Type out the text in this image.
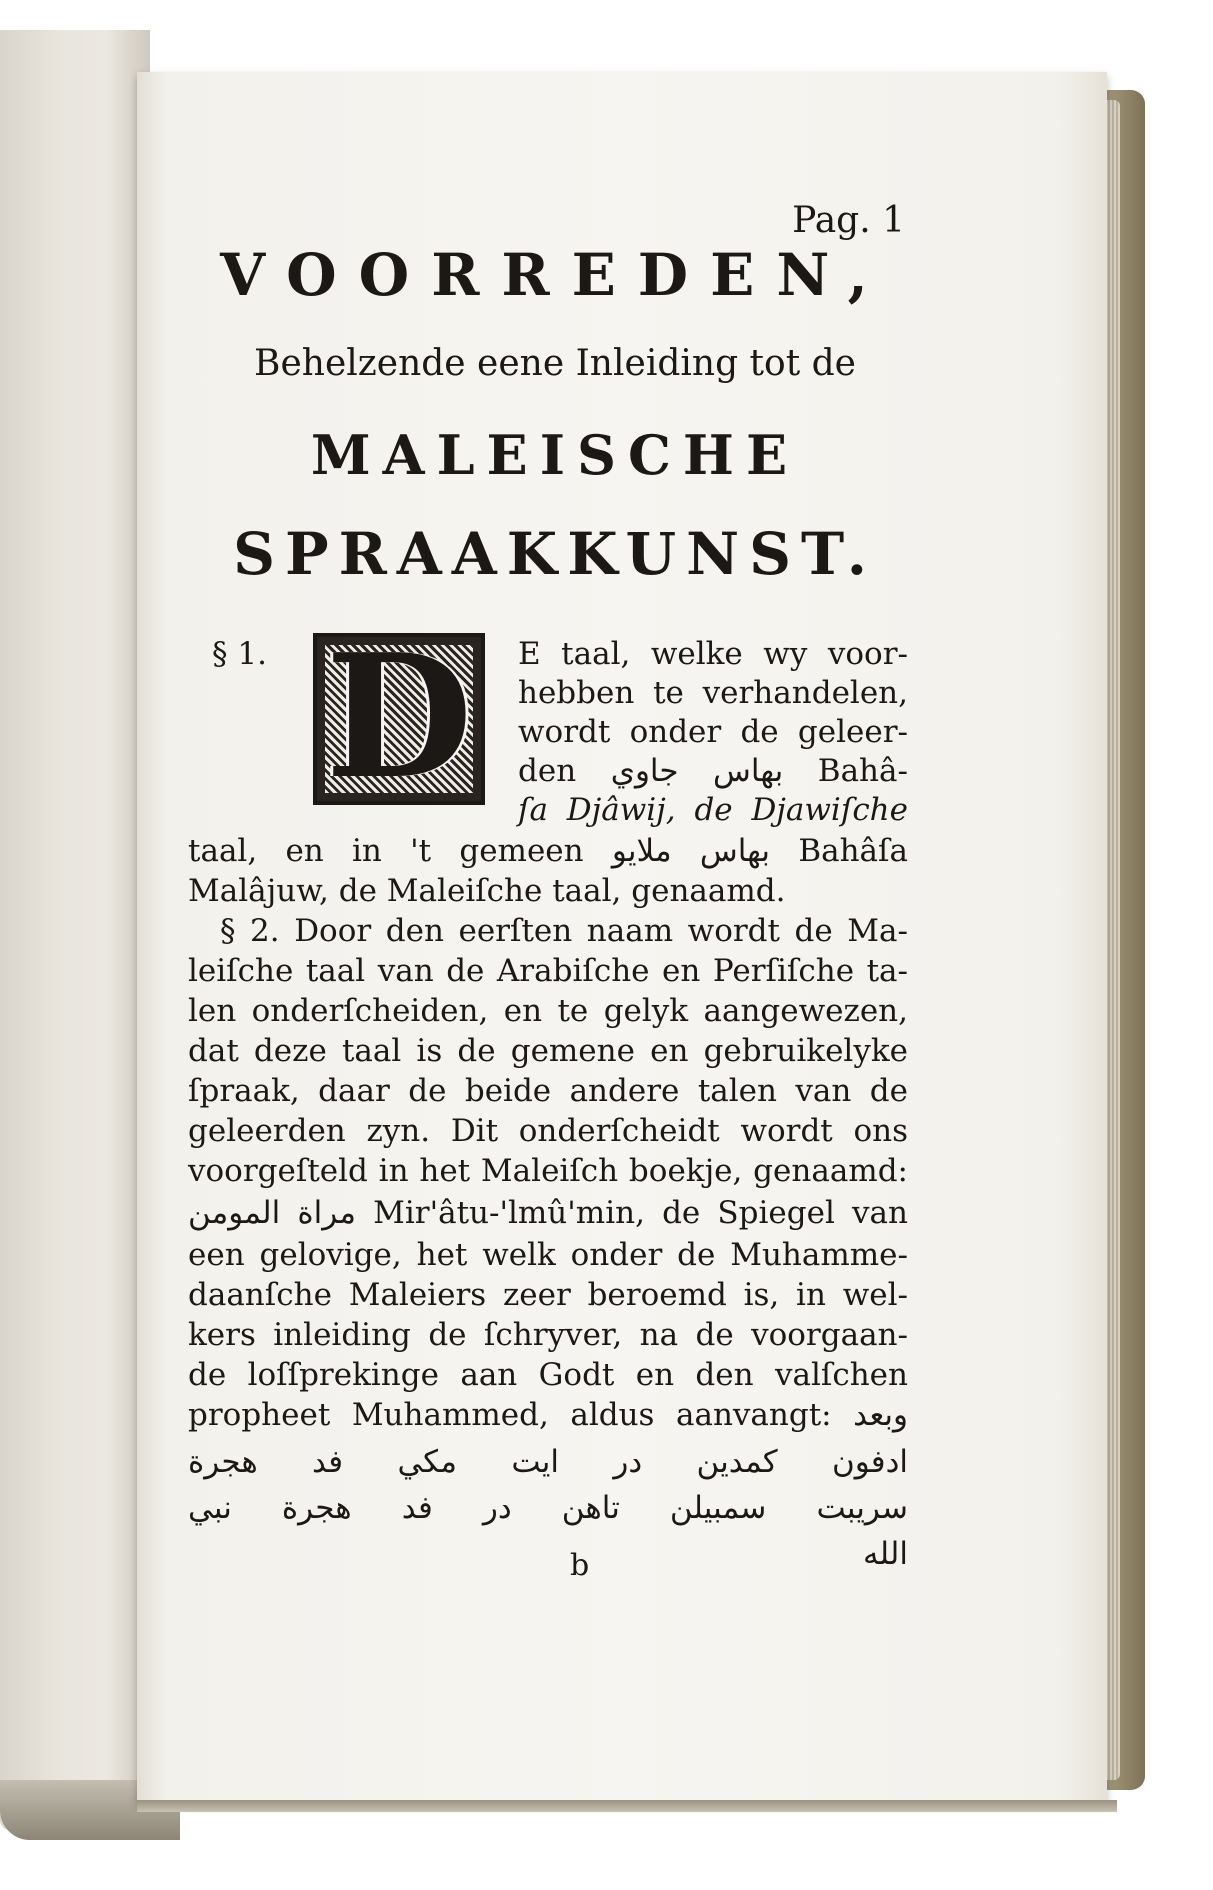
Pag. 1
VOORREDEN,
Behelzende eene Inleiding tot de
MALEISCHE
SPRAAKKUNST.
§ 1. D E taal, welke wy voor-
hebben te verhandelen,
wordt onder de geleer-
den بهاس جاوي Bahâ-
ſa Djâwij, de Djawiſche
taal, en in 't gemeen بهاس ملايو Bahâſa
Malâjuw, de Maleiſche taal, genaamd.
§ 2. Door den eerſten naam wordt de Ma-
leiſche taal van de Arabiſche en Perſiſche ta-
len onderſcheiden, en te gelyk aangewezen,
dat deze taal is de gemene en gebruikelyke
ſpraak, daar de beide andere talen van de
geleerden zyn. Dit onderſcheidt wordt ons
voorgeſteld in het Maleiſch boekje, genaamd:
مراة المومن Mir'âtu-'lmû'min, de Spiegel van
een gelovige, het welk onder de Muhamme-
daanſche Maleiers zeer beroemd is, in wel-
kers inleiding de ſchryver, na de voorgaan-
de loſſprekinge aan Godt en den valſchen
propheet Muhammed, aldus aanvangt: وبعد
ادفون كمدين در ايت مكي فد هجرة
سريبت سمبيلن تاهن در فد هجرة نبي
الله
b
